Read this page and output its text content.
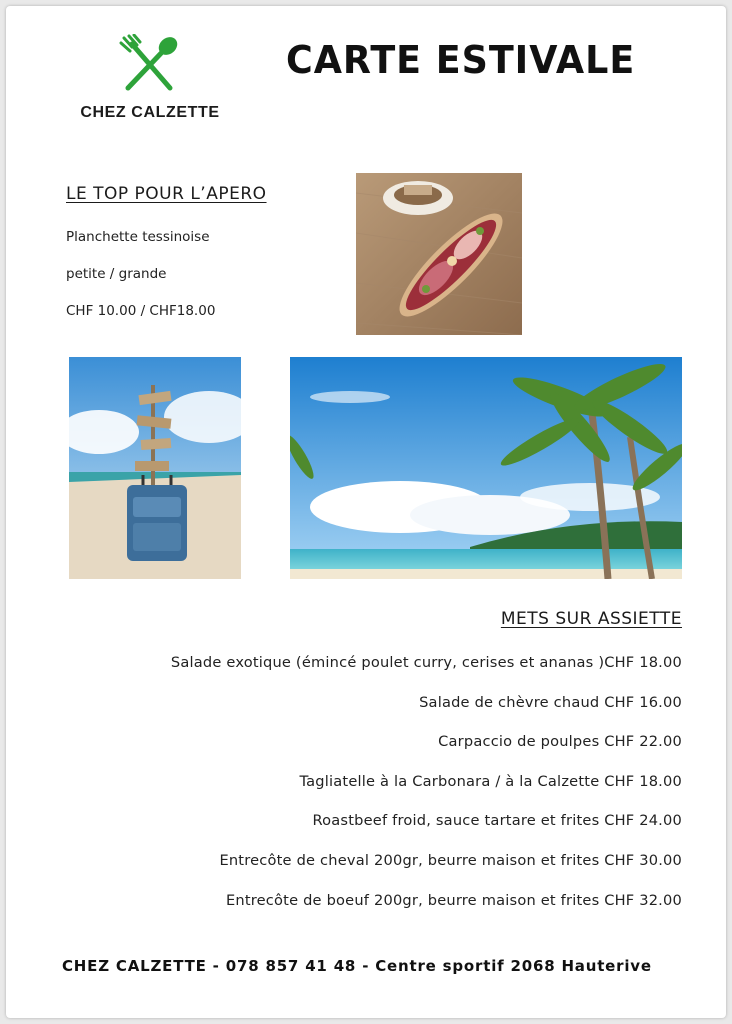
CHEZ CALZETTE
CARTE ESTIVALE
LE TOP POUR L’APERO
Planchette tessinoise
petite / grande
CHF 10.00 / CHF18.00
METS SUR ASSIETTE
Salade exotique (émincé poulet curry, cerises et ananas )CHF 18.00
Salade de chèvre chaud CHF 16.00
Carpaccio de poulpes CHF 22.00
Tagliatelle à la Carbonara / à la Calzette CHF 18.00
Roastbeef froid, sauce tartare et frites CHF 24.00
Entrecôte de cheval 200gr, beurre maison et frites CHF 30.00
Entrecôte de boeuf 200gr, beurre maison et frites CHF 32.00
CHEZ CALZETTE - 078 857 41 48 - Centre sportif 2068 Hauterive
